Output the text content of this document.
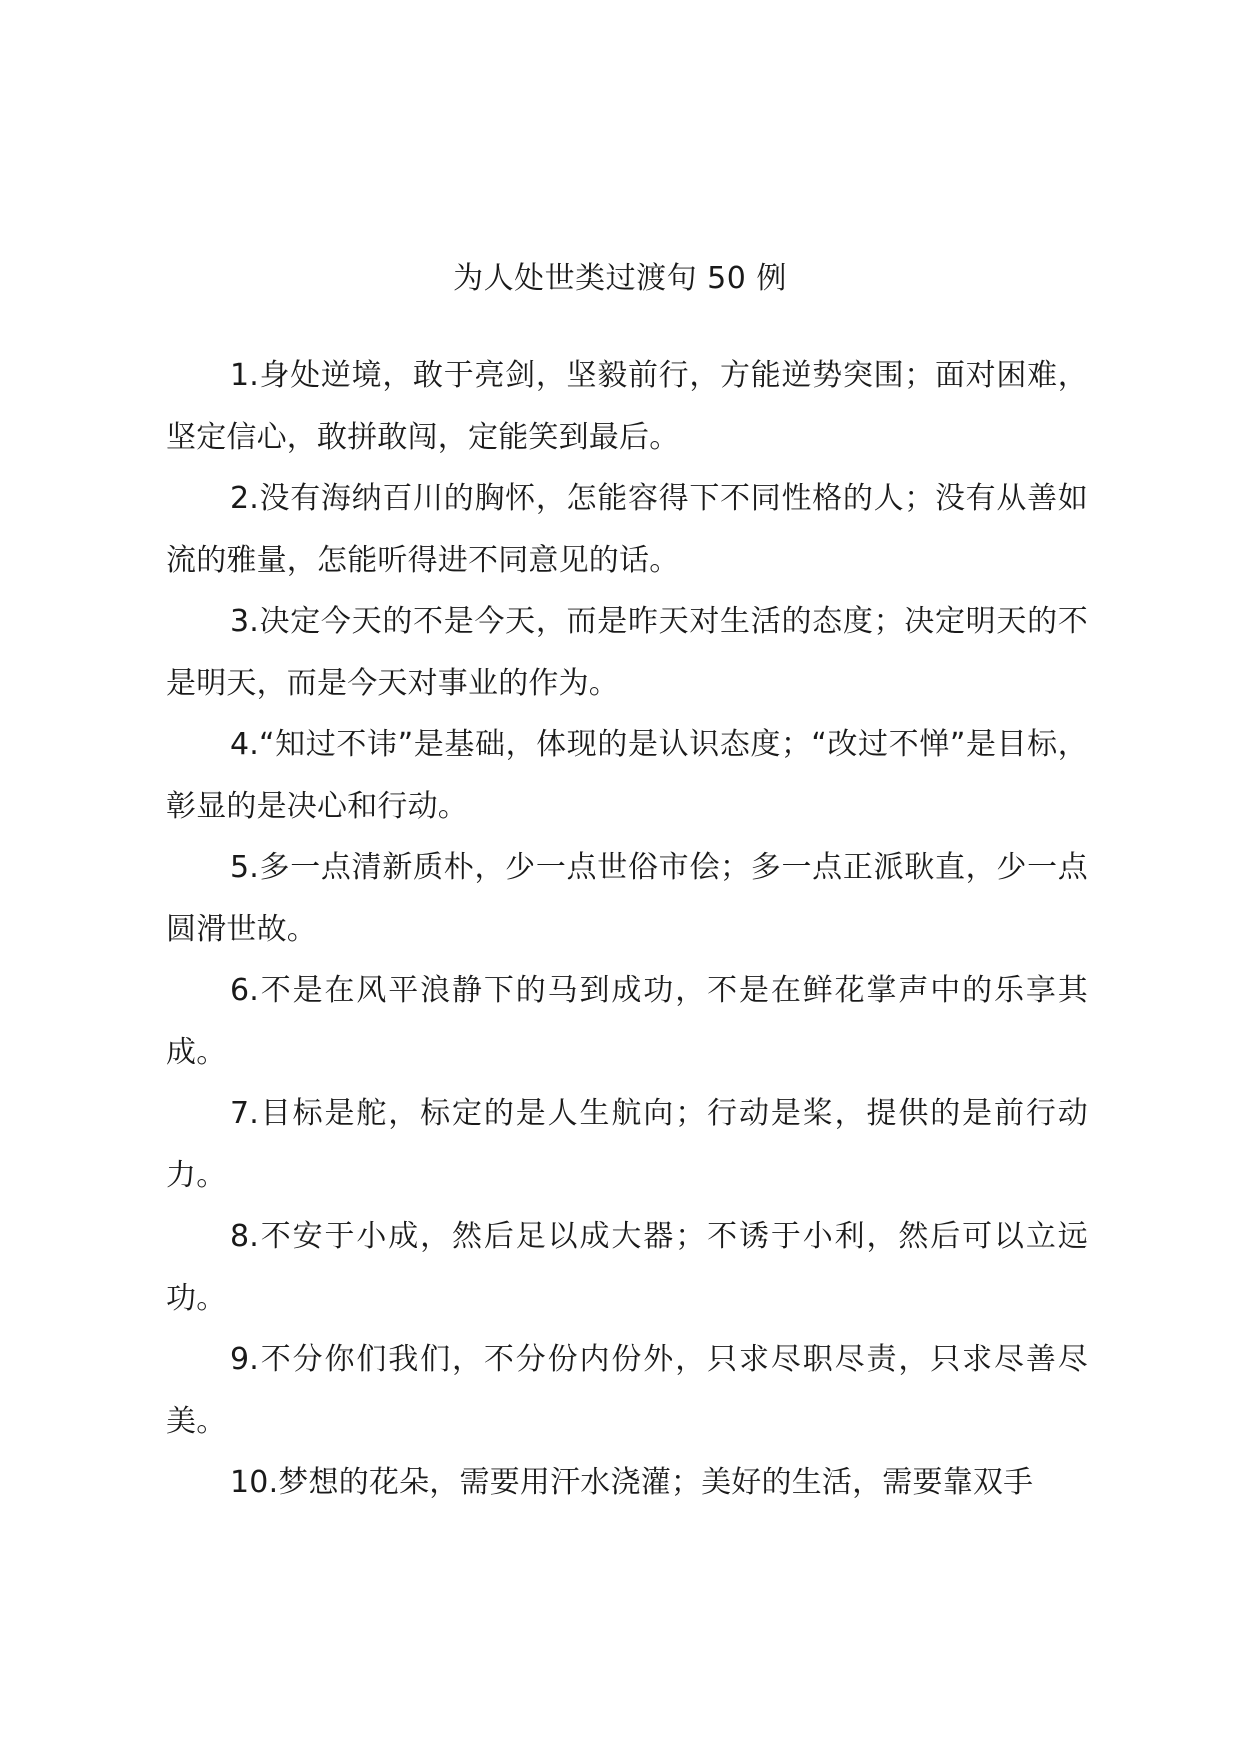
为人处世类过渡句 50 例

1.身处逆境，敢于亮剑，坚毅前行，方能逆势突围；面对困难，坚定信心，敢拼敢闯，定能笑到最后。

2.没有海纳百川的胸怀，怎能容得下不同性格的人；没有从善如流的雅量，怎能听得进不同意见的话。

3.决定今天的不是今天，而是昨天对生活的态度；决定明天的不是明天，而是今天对事业的作为。

4.“知过不讳”是基础，体现的是认识态度；“改过不惮”是目标，彰显的是决心和行动。

5.多一点清新质朴，少一点世俗市侩；多一点正派耿直，少一点圆滑世故。

6.不是在风平浪静下的马到成功，不是在鲜花掌声中的乐享其成。

7.目标是舵，标定的是人生航向；行动是桨，提供的是前行动力。

8.不安于小成，然后足以成大器；不诱于小利，然后可以立远功。

9.不分你们我们，不分份内份外，只求尽职尽责，只求尽善尽美。

10.梦想的花朵，需要用汗水浇灌；美好的生活，需要靠双手
